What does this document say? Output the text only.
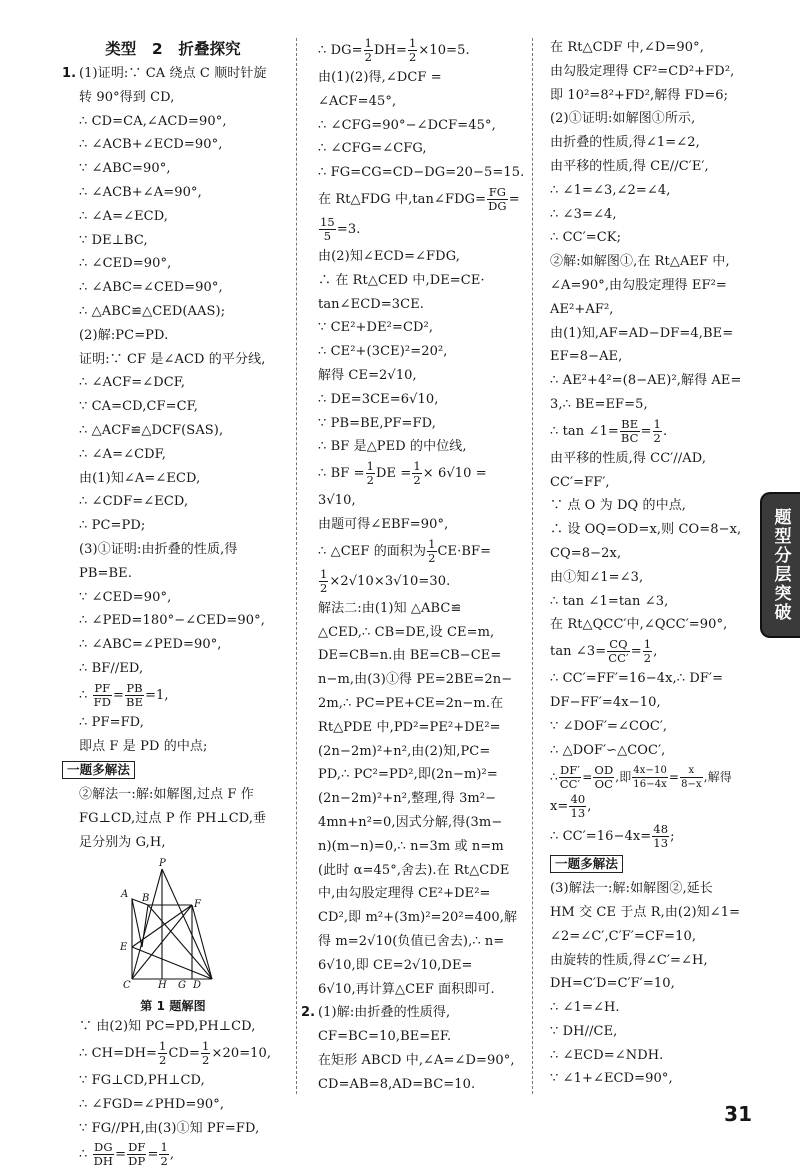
类型 2　折叠探究
1. (1)证明:∵ CA 绕点 C 顺时针旋
转 90°得到 CD,
∴ CD=CA,∠ACD=90°,
∴ ∠ACB+∠ECD=90°,
∵ ∠ABC=90°,
∴ ∠ACB+∠A=90°,
∴ ∠A=∠ECD,
∵ DE⊥BC,
∴ ∠CED=90°,
∴ ∠ABC=∠CED=90°,
∴ △ABC≌△CED(AAS);
(2)解:PC=PD.
证明:∵ CF 是∠ACD 的平分线,
∴ ∠ACF=∠DCF,
∵ CA=CD,CF=CF,
∴ △ACF≌△DCF(SAS),
∴ ∠A=∠CDF,
由(1)知∠A=∠ECD,
∴ ∠CDF=∠ECD,
∴ PC=PD;
(3)①证明:由折叠的性质,得
PB=BE.
∵ ∠CED=90°,
∴ ∠PED=180°−∠CED=90°,
∴ ∠ABC=∠PED=90°,
∴ BF//ED,
∴ $\frac{PF}{FD} = \frac{PB}{BE} =1$,
∴ PF=FD,
即点 F 是 PD 的中点;
一题多解法
②解法一:解:如解图,过点 F 作
FG⊥CD,过点 P 作 PH⊥CD,垂
足分别为 G,H,
P
A B
F
E
C	H G D
第 1 题解图
∵ 由(2)知 PC=PD,PH⊥CD,
∴ $CH=DH= \frac{1}{2} CD= \frac{1}{2} \times 20=10$,
∵ FG⊥CD,PH⊥CD,
∴ ∠FGD=∠PHD=90°,
∵ FG//PH,由(3)①知 PF=FD,
∴ $\frac{DG}{DH} = \frac{DF}{DP} = \frac{1}{2}$ ,
∴ $DG= \frac{1}{2} DH= \frac{1}{2} \times 10=5$.
由(1)(2)得,∠DCF =
∠ACF=45°,
∴ ∠CFG=90°−∠DCF=45°,
∴ ∠CFG=∠CFG,
∴ FG=CG=CD−DG=20−5=15.
在 Rt△FDG 中,tan∠FDG= $\frac{FG}{DG}$ =
$\frac{15}{5} =3$.
由(2)知∠ECD=∠FDG,
∴ 在 Rt△CED 中,DE=CE·
tan∠ECD=3CE.
∵ CE²+DE²=CD²,
∴ CE²+(3CE)²=20²,
解得 CE=2√10,
∴ DE=3CE=6√10,
∵ PB=BE,PF=FD,
∴ BF 是△PED 的中位线,
∴ BF = $\frac{1}{2}$ DE = $\frac{1}{2} \times 6√10$ =
3√10,
由题可得∠EBF=90°,
∴ △CEF 的面积为 $\frac{1}{2} CE\cdot BF=$
$\frac{1}{2} \times 2√10\times 3√10=30$.
解法二:由(1)知 △ABC≌
△CED,∴ CB=DE,设 CE=m,
DE=CB=n.由 BE=CB−CE=
n−m,由(3)①得 PE=2BE=2n−
2m,∴ PC=PE+CE=2n−m.在
Rt△PDE 中,PD²=PE²+DE²=
(2n−2m)²+n²,由(2)知,PC=
PD,∴ PC²=PD²,即(2n−m)²=
(2n−2m)²+n²,整理,得 3m²−
4mn+n²=0,因式分解,得(3m−
n)(m−n)=0,∴ n=3m 或 n=m
(此时 α=45°,舍去).在 Rt△CDE
中,由勾股定理得 CE²+DE²=
CD²,即 m²+(3m)²=20²=400,解
得 m=2√10(负值已舍去),∴ n=
6√10,即 CE=2√10,DE=
6√10,再计算△CEF 面积即可.
2. (1)解:由折叠的性质得,
CF=BC=10,BE=EF.
在矩形 ABCD 中,∠A=∠D=90°,
CD=AB=8,AD=BC=10.
在 Rt△CDF 中,∠D=90°,
由勾股定理得 CF²=CD²+FD²,
即 10²=8²+FD²,解得 FD=6;
(2)①证明:如解图①所示,
由折叠的性质,得∠1=∠2,
由平移的性质,得 CE//C′E′,
∴ ∠1=∠3,∠2=∠4,
∴ ∠3=∠4,
∴ CC′=CK;
②解:如解图①,在 Rt△AEF 中,
∠A=90°,由勾股定理得 EF²=
AE²+AF²,
由(1)知,AF=AD−DF=4,BE=
EF=8−AE,
∴ AE²+4²=(8−AE)²,解得 AE=
3,∴ BE=EF=5,
∴ tan ∠1= $\frac{BE}{BC} = \frac{1}{2}$ .
由平移的性质,得 CC′//AD,
CC′=FF′,
∵ 点 O 为 DQ 的中点,
∴ 设 OQ=OD=x,则 CO=8−x,
CQ=8−2x,
由①知∠1=∠3,
∴ tan ∠1=tan ∠3,
在 Rt△QCC′中,∠QCC′=90°,
tan ∠3= $\frac{CQ}{CC'} = \frac{1}{2}$ ,
∴ CC′=FF′=16−4x,∴ DF′=
DF−FF′=4x−10,
∵ ∠DOF′=∠COC′,
∴ △DOF′∽△COC′,
∴ $\frac{DF'}{CC'} = \frac{OD}{OC}$ ,即 $\frac{4x-10}{16-4x} = \frac{x}{8-x}$ ,解得
$x= \frac{40}{13}$ ,
∴ $CC'=16-4x= \frac{48}{13}$ ;
一题多解法
(3)解法一:解:如解图②,延长
HM 交 CE 于点 R,由(2)知∠1=
∠2=∠C′,C′F′=CF=10,
由旋转的性质,得∠C′=∠H,
DH=C′D=C′F′=10,
∴ ∠1=∠H.
∵ DH//CE,
∴ ∠ECD=∠NDH.
∵ ∠1+∠ECD=90°,
题型分层突破
31
